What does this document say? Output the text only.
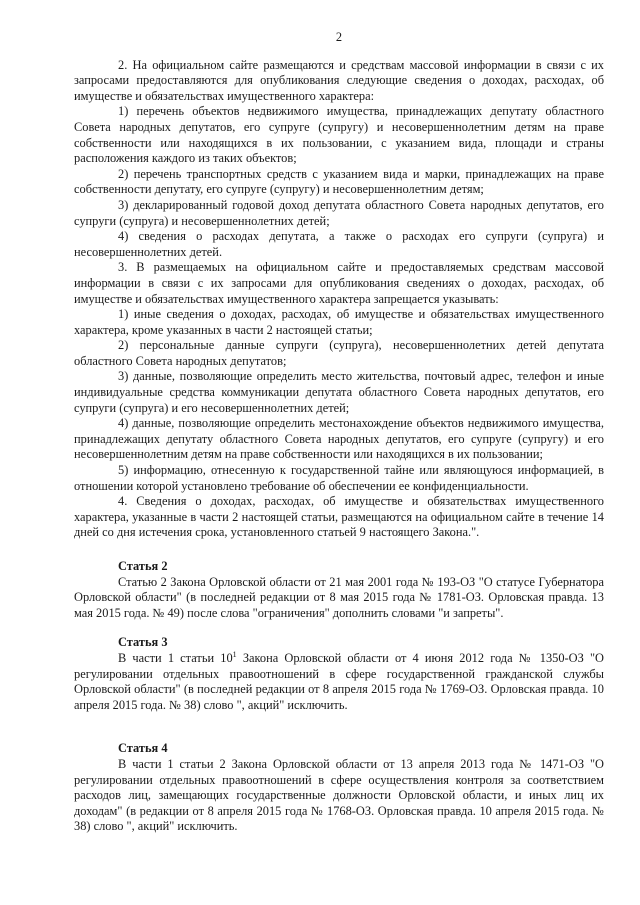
2

2. На официальном сайте размещаются и средствам массовой информации в связи с их запросами предоставляются для опубликования следующие сведения о доходах, расходах, об имуществе и обязательствах имущественного характера:

1) перечень объектов недвижимого имущества, принадлежащих депутату областного Совета народных депутатов, его супруге (супругу) и несовершеннолетним детям на праве собственности или находящихся в их пользовании, с указанием вида, площади и страны расположения каждого из таких объектов;

2) перечень транспортных средств с указанием вида и марки, принадлежащих на праве собственности депутату, его супруге (супругу) и несовершеннолетним детям;

3) декларированный годовой доход депутата областного Совета народных депутатов, его супруги (супруга) и несовершеннолетних детей;

4) сведения о расходах депутата, а также о расходах его супруги (супруга) и несовершеннолетних детей.

3. В размещаемых на официальном сайте и предоставляемых средствам массовой информации в связи с их запросами для опубликования сведениях о доходах, расходах, об имуществе и обязательствах имущественного характера запрещается указывать:

1) иные сведения о доходах, расходах, об имуществе и обязательствах имущественного характера, кроме указанных в части 2 настоящей статьи;

2) персональные данные супруги (супруга), несовершеннолетних детей депутата областного Совета народных депутатов;

3) данные, позволяющие определить место жительства, почтовый адрес, телефон и иные индивидуальные средства коммуникации депутата областного Совета народных депутатов, его супруги (супруга) и его несовершеннолетних детей;

4) данные, позволяющие определить местонахождение объектов недвижимого имущества, принадлежащих депутату областного Совета народных депутатов, его супруге (супругу) и его несовершеннолетним детям на праве собственности или находящихся в их пользовании;

5) информацию, отнесенную к государственной тайне или являющуюся информацией, в отношении которой установлено требование об обеспечении ее конфиденциальности.

4. Сведения о доходах, расходах, об имуществе и обязательствах имущественного характера, указанные в части 2 настоящей статьи, размещаются на официальном сайте в течение 14 дней со дня истечения срока, установленного статьей 9 настоящего Закона.".

Статья 2

Статью 2 Закона Орловской области от 21 мая 2001 года № 193-ОЗ "О статусе Губернатора Орловской области" (в последней редакции от 8 мая 2015 года № 1781-ОЗ. Орловская правда. 13 мая 2015 года. № 49) после слова "ограничения" дополнить словами "и запреты".

Статья 3

В части 1 статьи $10^1$ Закона Орловской области от 4 июня 2012 года № 1350-ОЗ "О регулировании отдельных правоотношений в сфере государственной гражданской службы Орловской области" (в последней редакции от 8 апреля 2015 года № 1769-ОЗ. Орловская правда. 10 апреля 2015 года. № 38) слово ", акций" исключить.

Статья 4

В части 1 статьи 2 Закона Орловской области от 13 апреля 2013 года № 1471-ОЗ "О регулировании отдельных правоотношений в сфере осуществления контроля за соответствием расходов лиц, замещающих государственные должности Орловской области, и иных лиц их доходам" (в редакции от 8 апреля 2015 года № 1768-ОЗ. Орловская правда. 10 апреля 2015 года. № 38) слово ", акций" исключить.
